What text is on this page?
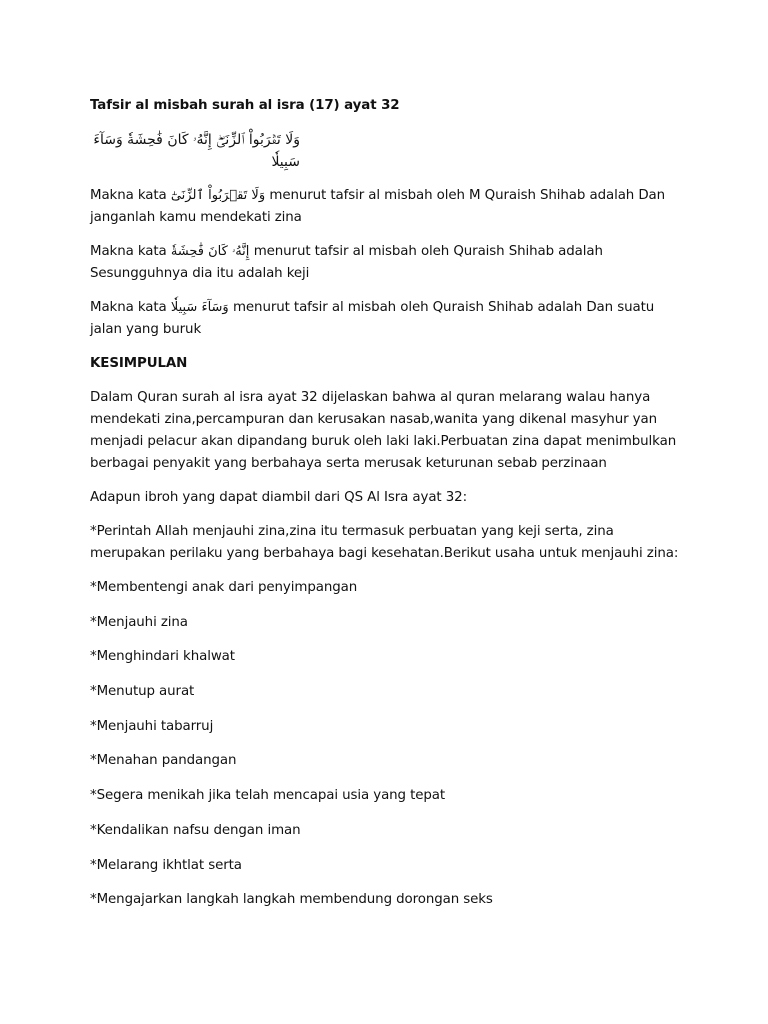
Tafsir al misbah surah al isra (17) ayat 32

وَلَا تَقۡرَبُواْ ٱلزِّنَىٰٓۖ إِنَّهُۥ كَانَ فَٰحِشَةٗ وَسَآءَ سَبِيلٗا

Makna kata وَلَا تَقۡرَبُواْ ٱلزِّنَىٰٓ menurut tafsir al misbah oleh M Quraish Shihab adalah Dan janganlah kamu mendekati zina

Makna kata إِنَّهُۥ كَانَ فَٰحِشَةٗ menurut tafsir al misbah oleh Quraish Shihab adalah Sesungguhnya dia itu adalah keji

Makna kata وَسَآءَ سَبِيلٗا menurut tafsir al misbah oleh Quraish Shihab adalah Dan suatu jalan yang buruk

KESIMPULAN

Dalam Quran surah al isra ayat 32 dijelaskan bahwa al quran melarang walau hanya mendekati zina,percampuran dan kerusakan nasab,wanita yang dikenal masyhur yan menjadi pelacur akan dipandang buruk oleh laki laki.Perbuatan zina dapat menimbulkan berbagai penyakit yang berbahaya serta merusak keturunan sebab perzinaan

Adapun ibroh yang dapat diambil dari QS Al Isra ayat 32:

*Perintah Allah menjauhi zina,zina itu termasuk perbuatan yang keji serta, zina merupakan perilaku yang berbahaya bagi kesehatan.Berikut usaha untuk menjauhi zina:

*Membentengi anak dari penyimpangan

*Menjauhi zina

*Menghindari khalwat

*Menutup aurat

*Menjauhi tabarruj

*Menahan pandangan

*Segera menikah jika telah mencapai usia yang tepat

*Kendalikan nafsu dengan iman

*Melarang ikhtlat serta

*Mengajarkan langkah langkah membendung dorongan seks
